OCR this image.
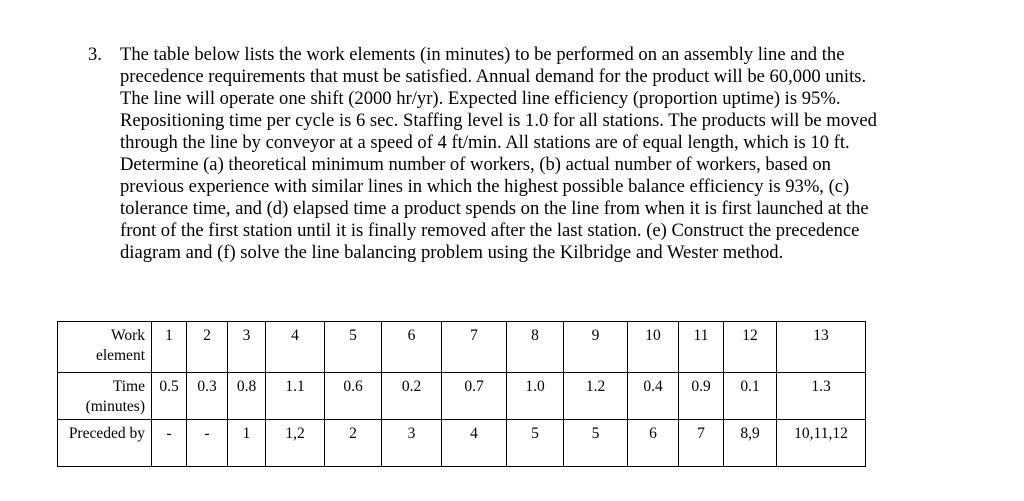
3. The table below lists the work elements (in minutes) to be performed on an assembly line and the
precedence requirements that must be satisfied. Annual demand for the product will be 60,000 units.
The line will operate one shift (2000 hr/yr). Expected line efficiency (proportion uptime) is 95%.
Repositioning time per cycle is 6 sec. Staffing level is 1.0 for all stations. The products will be moved
through the line by conveyor at a speed of 4 ft/min. All stations are of equal length, which is 10 ft.
Determine (a) theoretical minimum number of workers, (b) actual number of workers, based on
previous experience with similar lines in which the highest possible balance efficiency is 93%, (c)
tolerance time, and (d) elapsed time a product spends on the line from when it is first launched at the
front of the first station until it is finally removed after the last station. (e) Construct the precedence
diagram and (f) solve the line balancing problem using the Kilbridge and Wester method.
Work element	1	2	3	4	5	6	7	8	9	10	11	12	13
Time (minutes)	0.5	0.3	0.8	1.1	0.6	0.2	0.7	1.0	1.2	0.4	0.9	0.1	1.3
Preceded by	-	-	1	1,2	2	3	4	5	5	6	7	8,9	10,11,12
